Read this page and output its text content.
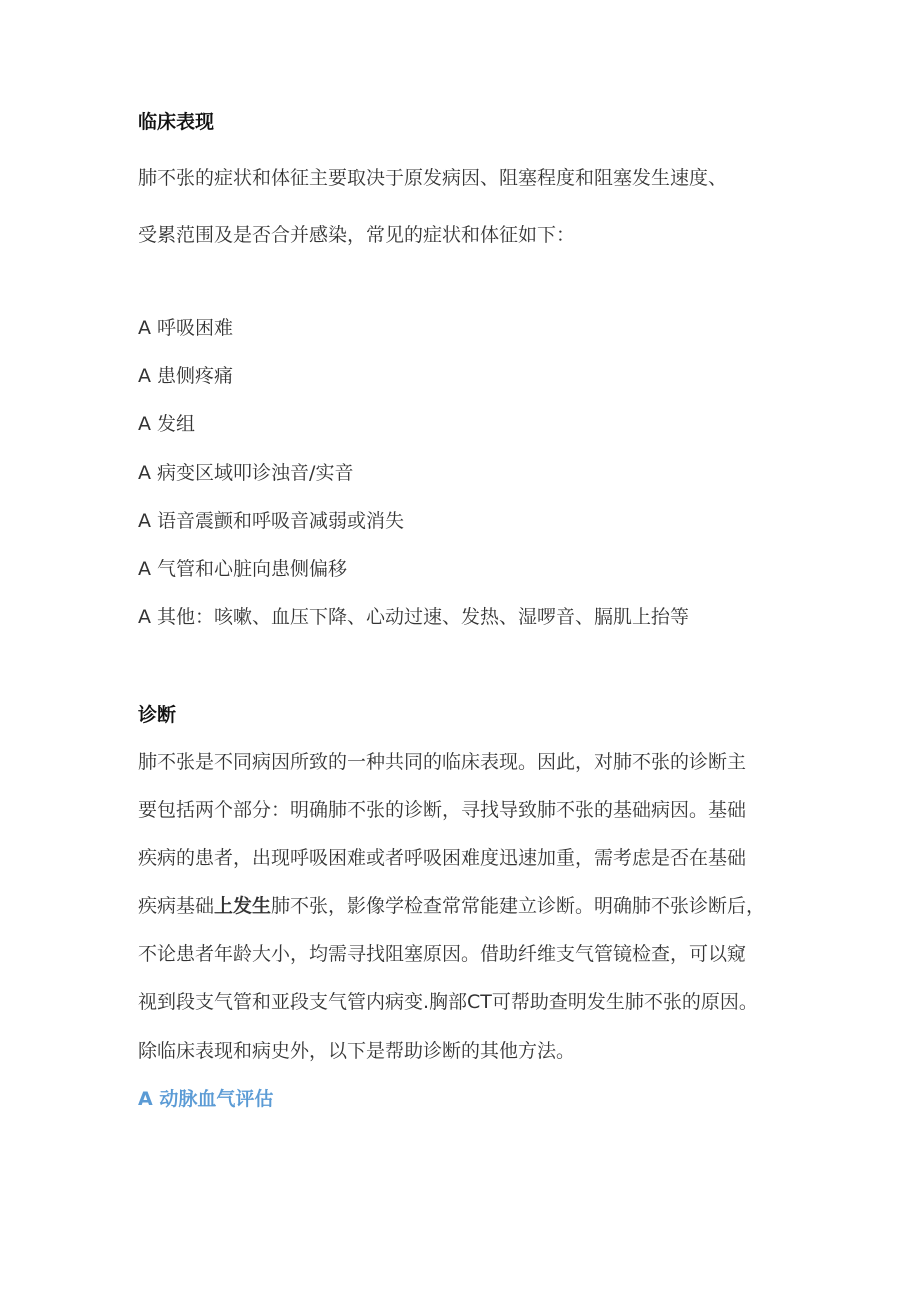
临床表现
肺不张的症状和体征主要取决于原发病因、阻塞程度和阻塞发生速度、
受累范围及是否合并感染，常见的症状和体征如下：
A 呼吸困难
A 患侧疼痛
A 发组
A 病变区域叩诊浊音/实音
A 语音震颤和呼吸音减弱或消失
A 气管和心脏向患侧偏移
A 其他：咳嗽、血压下降、心动过速、发热、湿啰音、膈肌上抬等
诊断
肺不张是不同病因所致的一种共同的临床表现。因此，对肺不张的诊断主
要包括两个部分：明确肺不张的诊断，寻找导致肺不张的基础病因。基础
疾病的患者，出现呼吸困难或者呼吸困难度迅速加重，需考虑是否在基础
疾病基础上发生肺不张，影像学检查常常能建立诊断。明确肺不张诊断后，
不论患者年龄大小，均需寻找阻塞原因。借助纤维支气管镜检查，可以窥
视到段支气管和亚段支气管内病变.胸部CT可帮助查明发生肺不张的原因。
除临床表现和病史外，以下是帮助诊断的其他方法。
A 动脉血气评估
